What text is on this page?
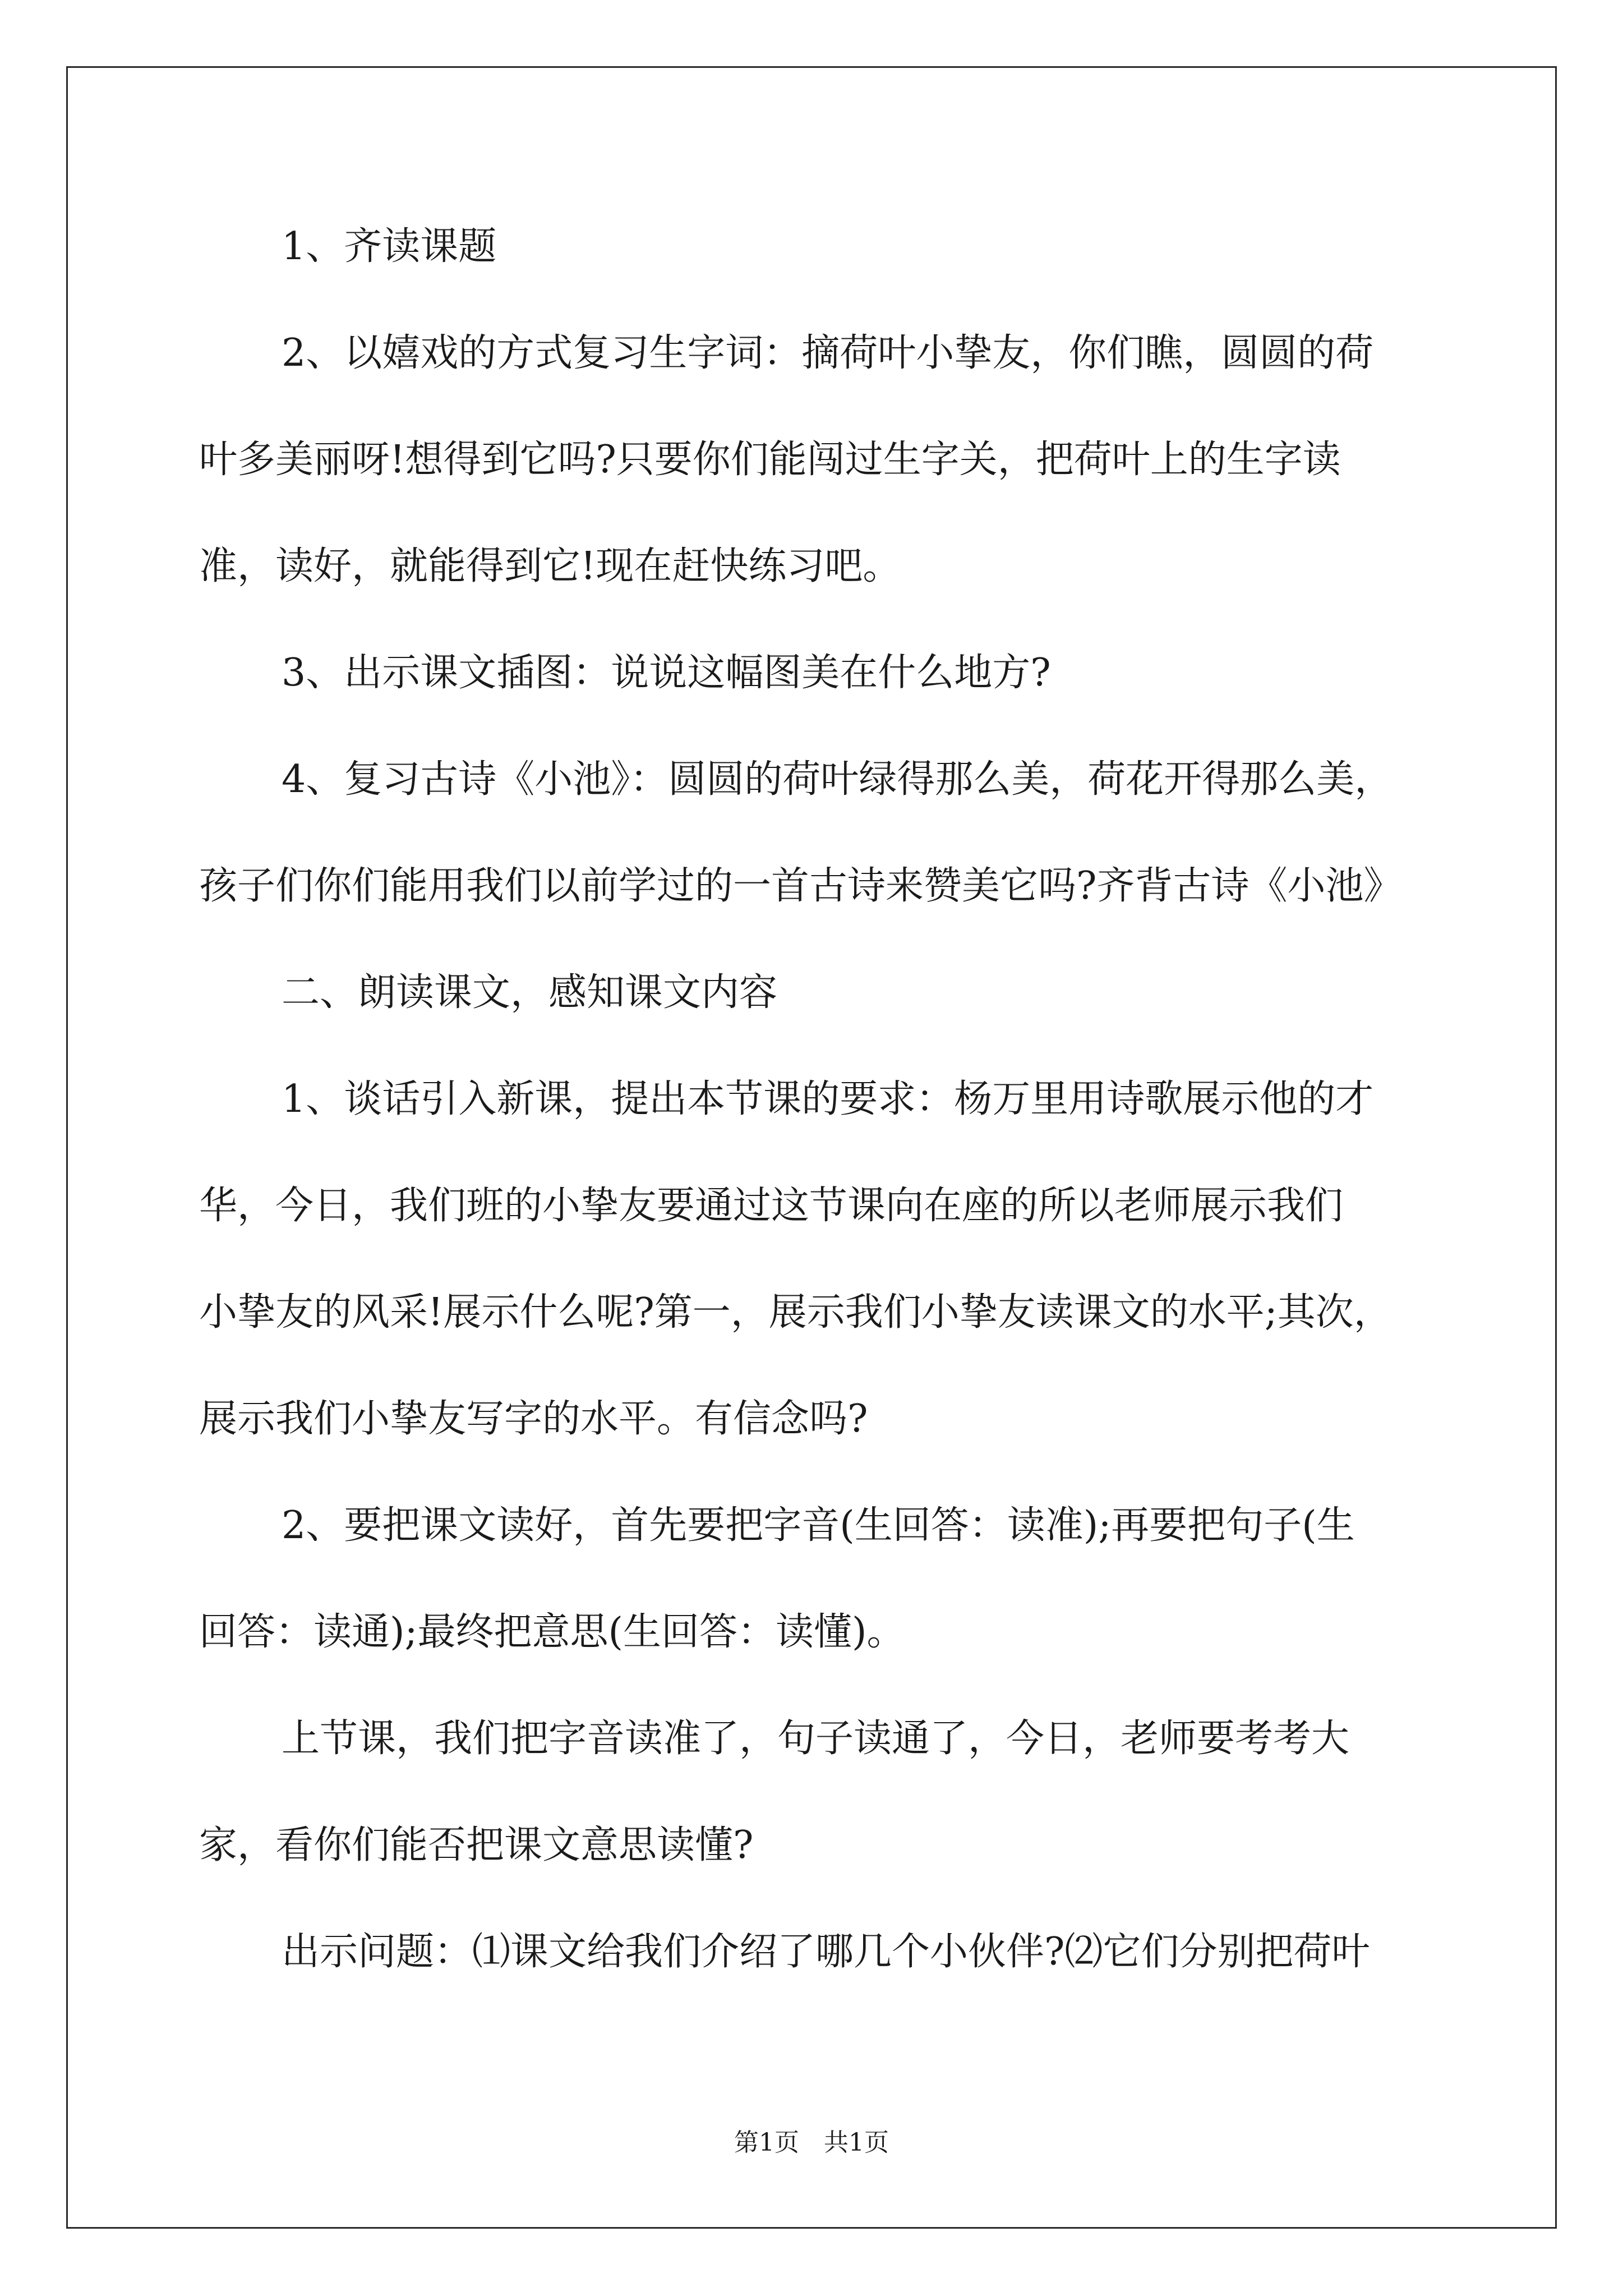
1、齐读课题
2、以嬉戏的方式复习生字词：摘荷叶小挚友，你们瞧，圆圆的荷
叶多美丽呀!想得到它吗?只要你们能闯过生字关，把荷叶上的生字读
准，读好，就能得到它!现在赶快练习吧。
3、出示课文插图：说说这幅图美在什么地方?
4、复习古诗《小池》：圆圆的荷叶绿得那么美，荷花开得那么美，
孩子们你们能用我们以前学过的一首古诗来赞美它吗?齐背古诗《小池》
二、朗读课文，感知课文内容
1、谈话引入新课，提出本节课的要求：杨万里用诗歌展示他的才
华，今日，我们班的小挚友要通过这节课向在座的所以老师展示我们
小挚友的风采!展示什么呢?第一，展示我们小挚友读课文的水平;其次，
展示我们小挚友写字的水平。有信念吗?
2、要把课文读好，首先要把字音(生回答：读准);再要把句子(生
回答：读通);最终把意思(生回答：读懂)。
上节课，我们把字音读准了，句子读通了，今日，老师要考考大
家，看你们能否把课文意思读懂?
出示问题：⑴课文给我们介绍了哪几个小伙伴?⑵它们分别把荷叶
第1页　共1页
